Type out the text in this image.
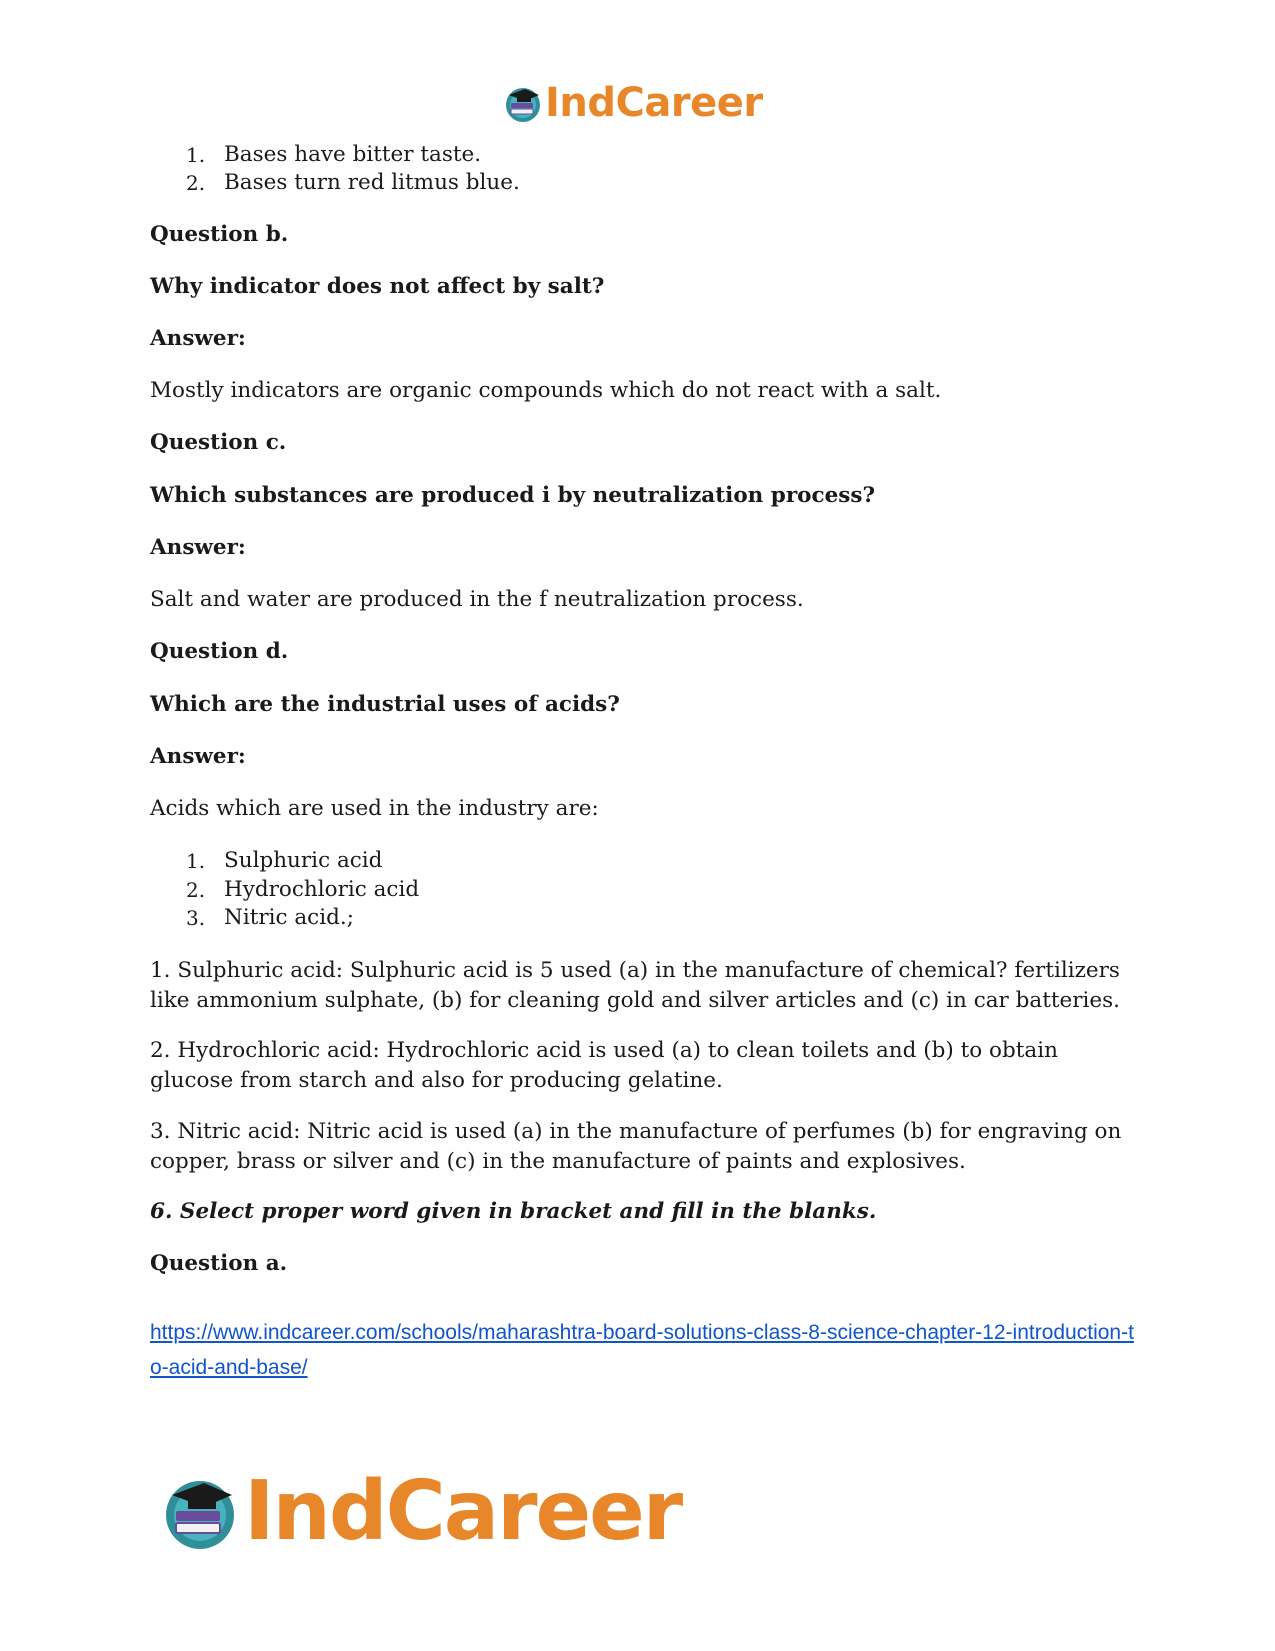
IndCareer
1. Bases have bitter taste.
2. Bases turn red litmus blue.
Question b.
Why indicator does not affect by salt?
Answer:
Mostly indicators are organic compounds which do not react with a salt.
Question c.
Which substances are produced i by neutralization process?
Answer:
Salt and water are produced in the f neutralization process.
Question d.
Which are the industrial uses of acids?
Answer:
Acids which are used in the industry are:
1. Sulphuric acid
2. Hydrochloric acid
3. Nitric acid.;
1. Sulphuric acid: Sulphuric acid is 5 used (a) in the manufacture of chemical? fertilizers like ammonium sulphate, (b) for cleaning gold and silver articles and (c) in car batteries.
2. Hydrochloric acid: Hydrochloric acid is used (a) to clean toilets and (b) to obtain glucose from starch and also for producing gelatine.
3. Nitric acid: Nitric acid is used (a) in the manufacture of perfumes (b) for engraving on copper, brass or silver and (c) in the manufacture of paints and explosives.
6. Select proper word given in bracket and fill in the blanks.
Question a.
https://www.indcareer.com/schools/maharashtra-board-solutions-class-8-science-chapter-12-introduction-to-acid-and-base/
IndCareer
